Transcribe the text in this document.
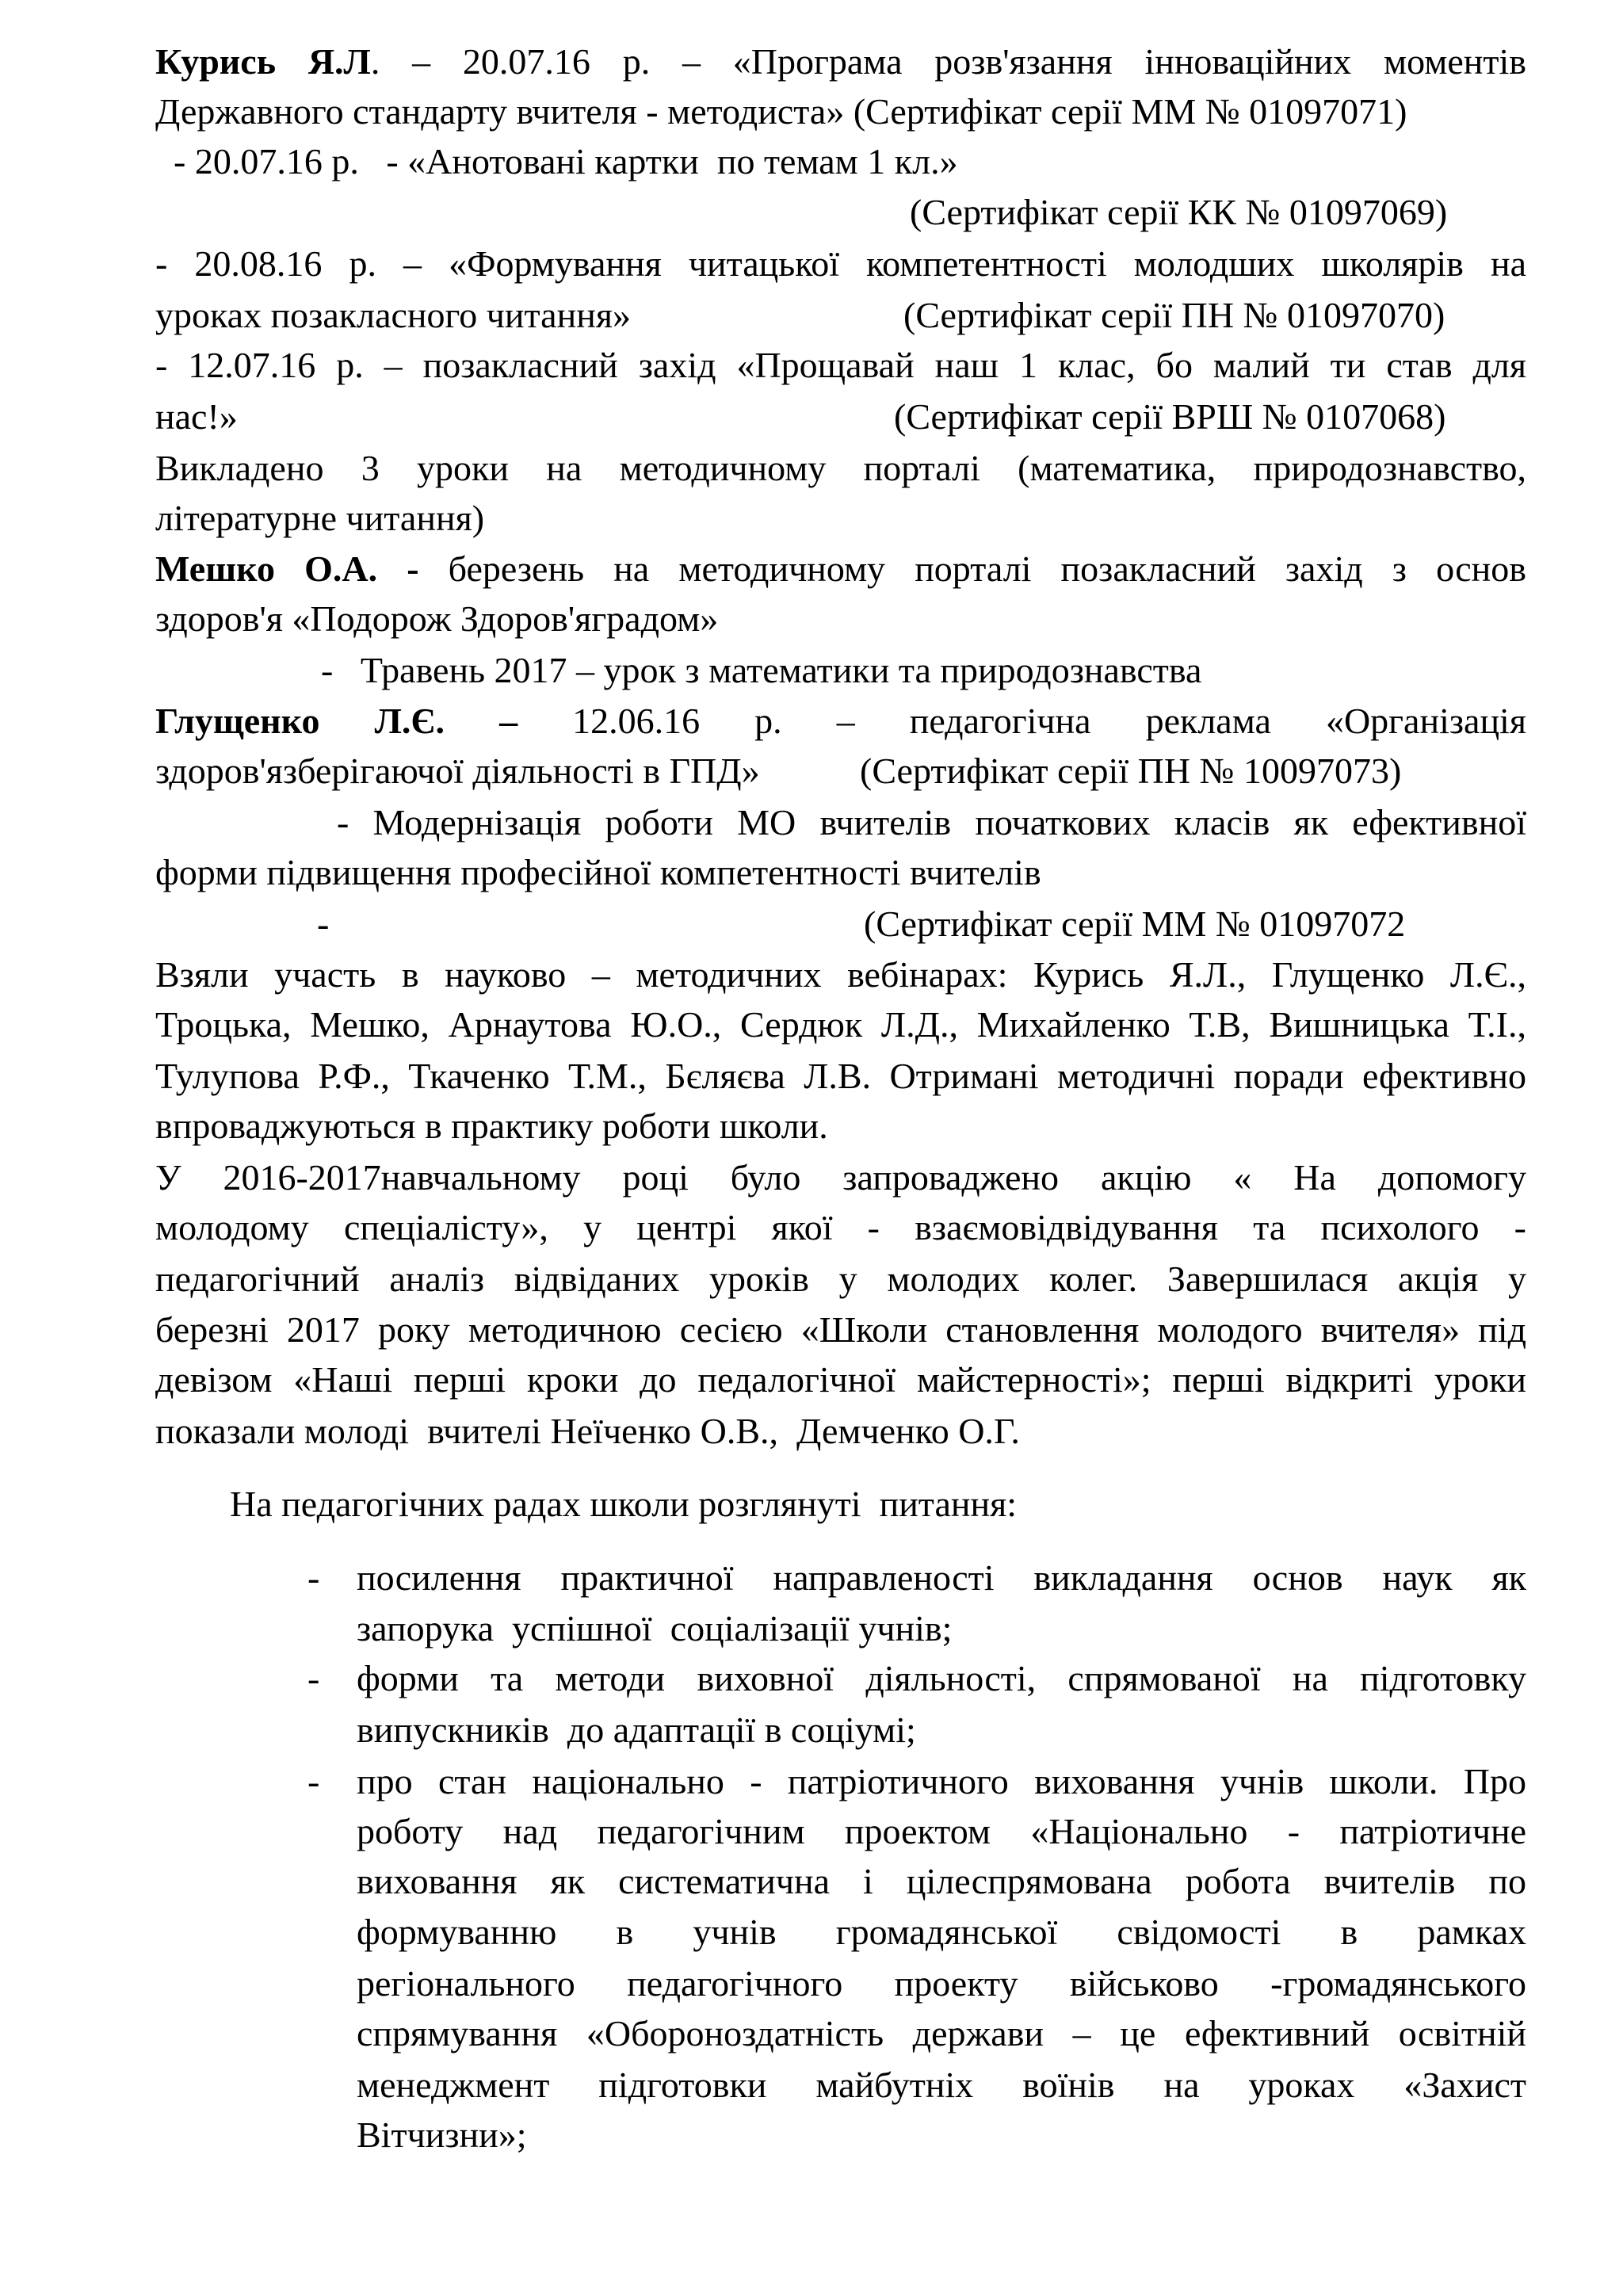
Курись Я.Л. – 20.07.16 р. – «Програма розв'язання інноваційних моментів
Державного стандарту вчителя - методиста» (Сертифікат серії ММ № 01097071)
- 20.07.16 р.   - «Анотовані картки  по темам 1 кл.»
(Сертифікат серії КК № 01097069)
- 20.08.16 р. – «Формування читацької компетентності молодших школярів на
уроках позакласного читання»	(Сертифікат серії ПН № 01097070)
- 12.07.16 р. – позакласний захід «Прощавай наш 1 клас, бо малий ти став для
нас!»	(Сертифікат серії ВРШ № 0107068)
Викладено 3 уроки на методичному порталі (математика, природознавство,
літературне читання)
Мешко О.А. - березень на методичному порталі позакласний захід з основ
здоров'я «Подорож Здоров'яградом»
-   Травень 2017 – урок з математики та природознавства
Глущенко Л.Є. – 12.06.16 р. – педагогічна реклама «Організація
здоров'язберігаючої діяльності в ГПД»	(Сертифікат серії ПН № 10097073)
- Модернізація роботи МО вчителів початкових класів як ефективної
форми підвищення професійної компетентності вчителів
-	(Сертифікат серії ММ № 01097072
Взяли участь в науково – методичних вебінарах: Курись Я.Л., Глущенко Л.Є.,
Троцька, Мешко, Арнаутова Ю.О., Сердюк Л.Д., Михайленко Т.В, Вишницька Т.І.,
Тулупова Р.Ф., Ткаченко Т.М., Бєляєва Л.В. Отримані методичні поради ефективно
впроваджуються в практику роботи школи.
У 2016-2017навчальному році було запроваджено акцію « На допомогу
молодому спеціалісту», у центрі якої - взаємовідвідування та психолого -
педагогічний аналіз відвіданих уроків у молодих колег. Завершилася акція у
березні 2017 року методичною сесією «Школи становлення молодого вчителя» під
девізом «Наші перші кроки до педалогічної майстерності»; перші відкриті уроки
показали молоді  вчителі Неїченко О.В.,  Демченко О.Г.
На педагогічних радах школи розглянуті  питання:
- посилення практичної направленості викладання основ наук як
запорука  успішної  соціалізації учнів;
- форми та методи виховної діяльності, спрямованої на підготовку
випускників  до адаптації в соціумі;
- про стан національно - патріотичного виховання учнів школи. Про
роботу над педагогічним проектом «Національно - патріотичне
виховання як систематична і цілеспрямована робота вчителів по
формуванню в учнів громадянської свідомості в рамках
регіонального педагогічного проекту військово -громадянського
спрямування «Обороноздатність держави – це ефективний освітній
менеджмент підготовки майбутніх воїнів на уроках «Захист
Вітчизни»;
